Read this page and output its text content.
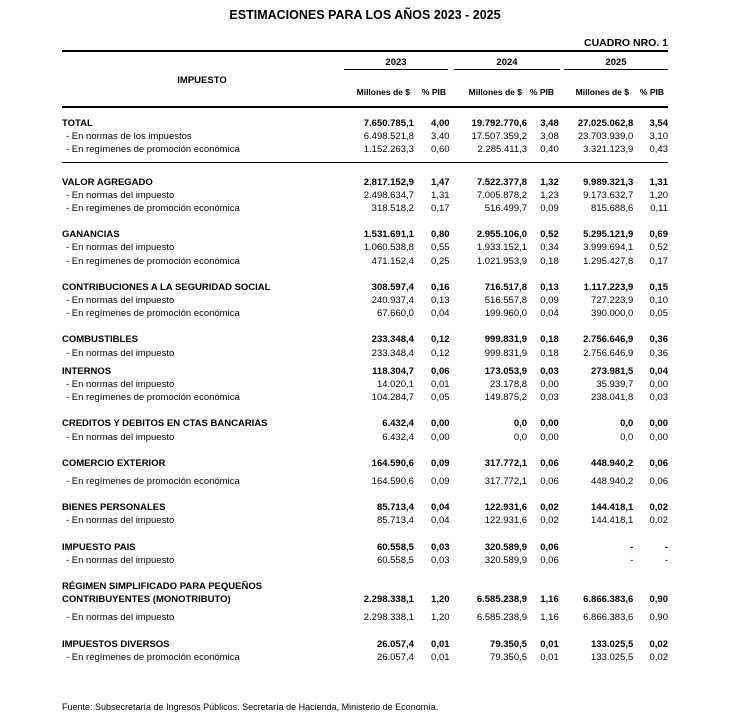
ESTIMACIONES PARA LOS AÑOS 2023 - 2025
CUADRO NRO. 1
IMPUESTO
2023	2024	2025
Millones de $	% PIB	Millones de $ % PIB	Millones de $	% PIB
TOTAL	7.650.785,1	4,00	19.792.770,6	3,48	27.025.062,8	3,54
- En normas de los impuestos	6.498.521,8	3,40	17.507.359,2	3,08	23.703.939,0	3,10
- En regímenes de promoción económica	1.152.263,3	0,60	2.285.411,3	0,40	3.321.123,9	0,43

VALOR AGREGADO	2.817.152,9	1,47	7.522.377,8	1,32	9.989.321,3	1,31
- En normas del impuesto	2.498.634,7	1,31	7.005.878,2	1,23	9.173.632,7	1,20
- En regímenes de promoción económica	318.518,2	0,17	516.499,7	0,09	815.688,6	0,11

GANANCIAS	1.531.691,1	0,80	2.955.106,0	0,52	5.295.121,9	0,69
- En normas del impuesto	1.060.538,8	0,55	1.933.152,1	0,34	3.999.694,1	0,52
- En regímenes de promoción económica	471.152,4	0,25	1.021.953,9	0,18	1.295.427,8	0,17

CONTRIBUCIONES A LA SEGURIDAD SOCIAL	308.597,4	0,16	716.517,8	0,13	1.117.223,9	0,15
- En normas del impuesto	240.937,4	0,13	516.557,8	0,09	727.223,9	0,10
- En regímenes de promoción económica	67.660,0	0,04	199.960,0	0,04	390.000,0	0,05

COMBUSTIBLES	233.348,4	0,12	999.831,9	0,18	2.756.646,9	0,36
- En normas del impuesto	233.348,4	0,12	999.831,9	0,18	2.756.646,9	0,36

INTERNOS	118.304,7	0,06	173.053,9	0,03	273.981,5	0,04
- En normas del impuesto	14.020,1	0,01	23.178,8	0,00	35.939,7	0,00
- En regímenes de promoción económica	104.284,7	0,05	149.875,2	0,03	238.041,8	0,03

CREDITOS Y DEBITOS EN CTAS BANCARIAS	6.432,4	0,00	0,0	0,00	0,0	0,00
- En normas del impuesto	6.432,4	0,00	0,0	0,00	0,0	0,00

COMERCIO EXTERIOR	164.590,6	0,09	317.772,1	0,06	448.940,2	0,06

- En regímenes de promoción económica	164.590,6	0,09	317.772,1	0,06	448.940,2	0,06

BIENES PERSONALES	85.713,4	0,04	122.931,6	0,02	144.418,1	0,02
- En normas del impuesto	85.713,4	0,04	122.931,6	0,02	144.418,1	0,02

IMPUESTO PAIS	60.558,5	0,03	320.589,9	0,06	-	-
- En normas del impuesto	60.558,5	0,03	320.589,9	0,06	-	-

RÉGIMEN SIMPLIFICADO PARA PEQUEÑOS
CONTRIBUYENTES (MONOTRIBUTO)	2.298.338,1	1,20	6.585.238,9	1,16	6.866.383,6	0,90

- En normas del impuesto	2.298.338,1	1,20	6.585.238,9	1,16	6.866.383,6	0,90

IMPUESTOS DIVERSOS	26.057,4	0,01	79.350,5	0,01	133.025,5	0,02
- En regímenes de promoción económica	26.057,4	0,01	79.350,5	0,01	133.025,5	0,02
Fuente: Subsecretaría de Ingresos Públicos. Secretaría de Hacienda, Ministerio de Economía.
